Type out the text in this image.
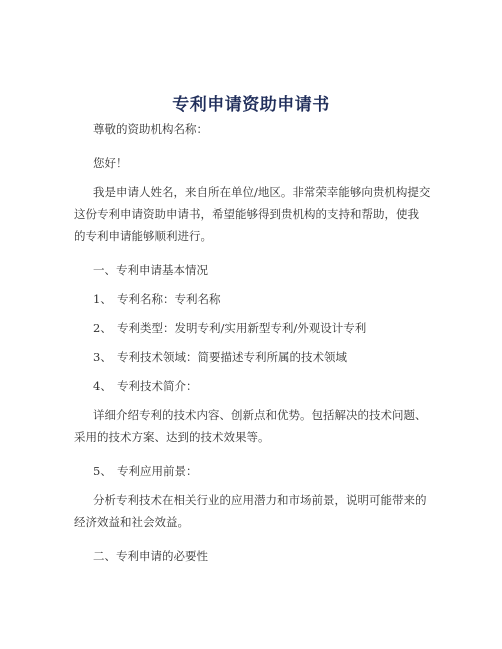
专利申请资助申请书
尊敬的资助机构名称：
您好！
我是申请人姓名，来自所在单位/地区。非常荣幸能够向贵机构提交
这份专利申请资助申请书，希望能够得到贵机构的支持和帮助，使我
的专利申请能够顺利进行。
一、专利申请基本情况
1、 专利名称：专利名称
2、 专利类型：发明专利/实用新型专利/外观设计专利
3、 专利技术领域：简要描述专利所属的技术领域
4、 专利技术简介：
详细介绍专利的技术内容、创新点和优势。包括解决的技术问题、
采用的技术方案、达到的技术效果等。
5、 专利应用前景：
分析专利技术在相关行业的应用潜力和市场前景，说明可能带来的
经济效益和社会效益。
二、专利申请的必要性
